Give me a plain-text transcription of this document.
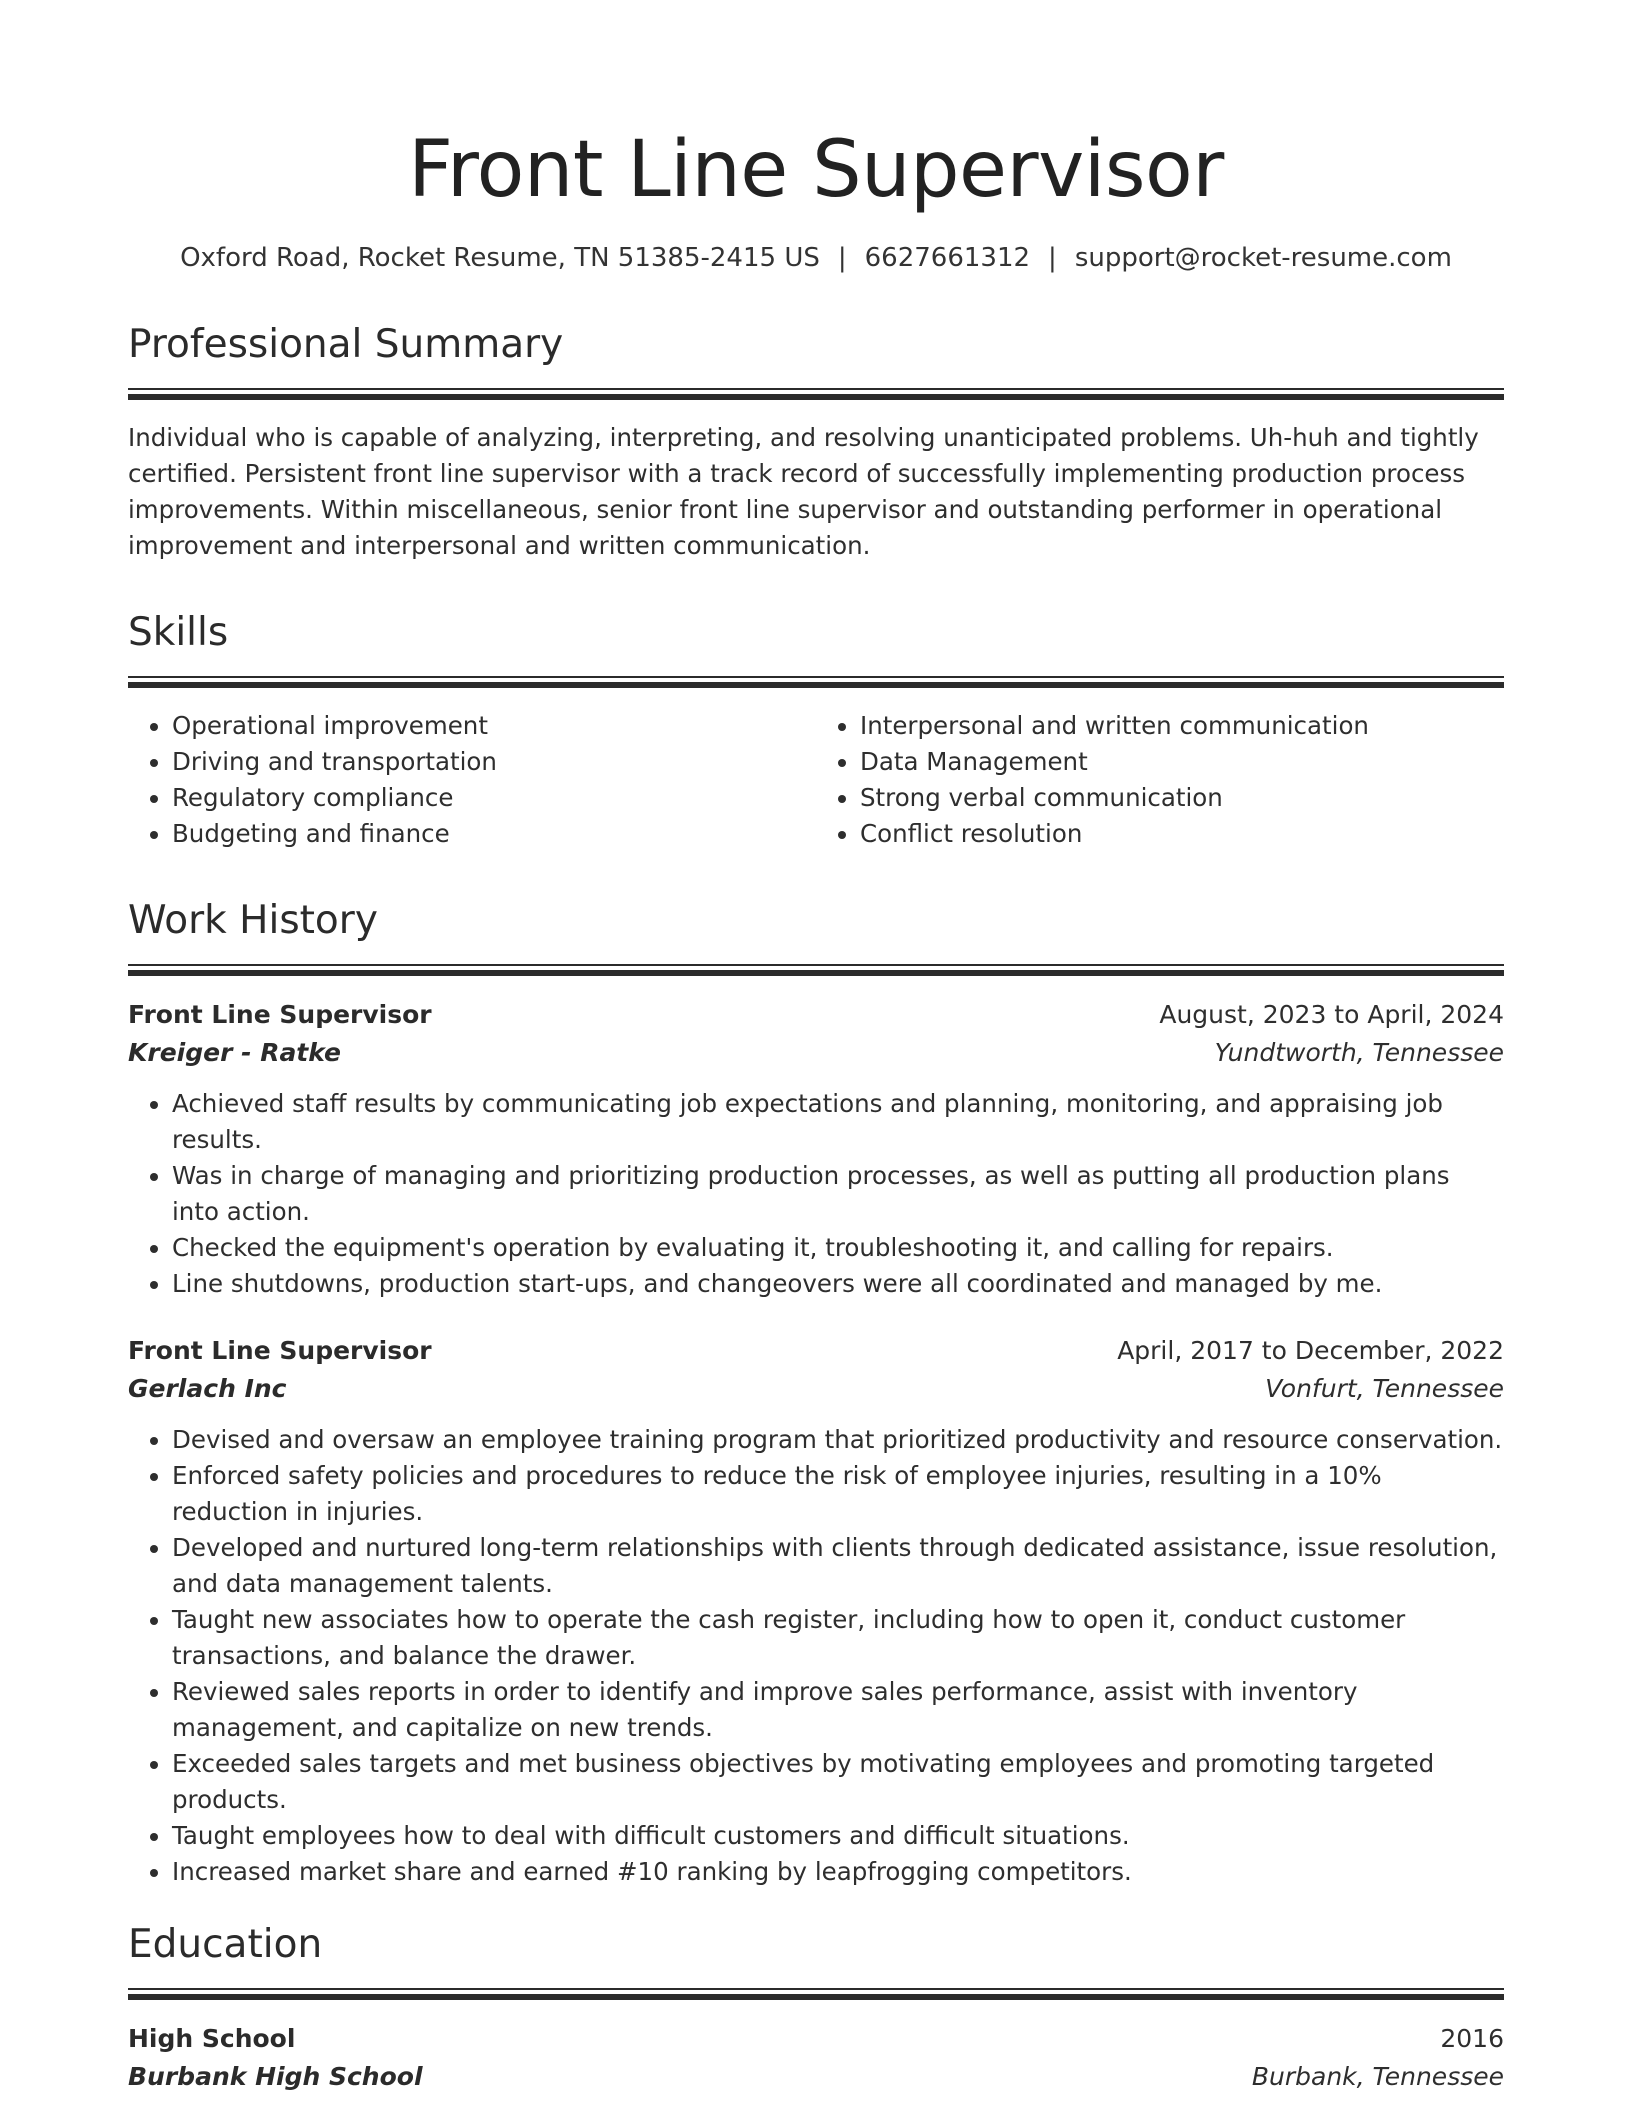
Front Line Supervisor
Oxford Road, Rocket Resume, TN 51385-2415 US | 6627661312 | support@rocket-resume.com
Professional Summary

Individual who is capable of analyzing, interpreting, and resolving unanticipated problems. Uh-huh and tightly certified. Persistent front line supervisor with a track record of successfully implementing production process improvements. Within miscellaneous, senior front line supervisor and outstanding performer in operational improvement and interpersonal and written communication.

Skills
• Operational improvement
• Driving and transportation
• Regulatory compliance
• Budgeting and finance
• Interpersonal and written communication
• Data Management
• Strong verbal communication
• Conflict resolution
Work History
Front Line Supervisor	August, 2023 to April, 2024
Kreiger - Ratke	Yundtworth, Tennessee
• Achieved staff results by communicating job expectations and planning, monitoring, and appraising job results.
• Was in charge of managing and prioritizing production processes, as well as putting all production plans into action.
• Checked the equipment's operation by evaluating it, troubleshooting it, and calling for repairs.
• Line shutdowns, production start-ups, and changeovers were all coordinated and managed by me.
Front Line Supervisor	April, 2017 to December, 2022
Gerlach Inc	Vonfurt, Tennessee
• Devised and oversaw an employee training program that prioritized productivity and resource conservation.
• Enforced safety policies and procedures to reduce the risk of employee injuries, resulting in a 10% reduction in injuries.
• Developed and nurtured long-term relationships with clients through dedicated assistance, issue resolution, and data management talents.
• Taught new associates how to operate the cash register, including how to open it, conduct customer transactions, and balance the drawer.
• Reviewed sales reports in order to identify and improve sales performance, assist with inventory management, and capitalize on new trends.
• Exceeded sales targets and met business objectives by motivating employees and promoting targeted products.
• Taught employees how to deal with difficult customers and difficult situations.
• Increased market share and earned #10 ranking by leapfrogging competitors.
Education
High School	2016
Burbank High School	Burbank, Tennessee
